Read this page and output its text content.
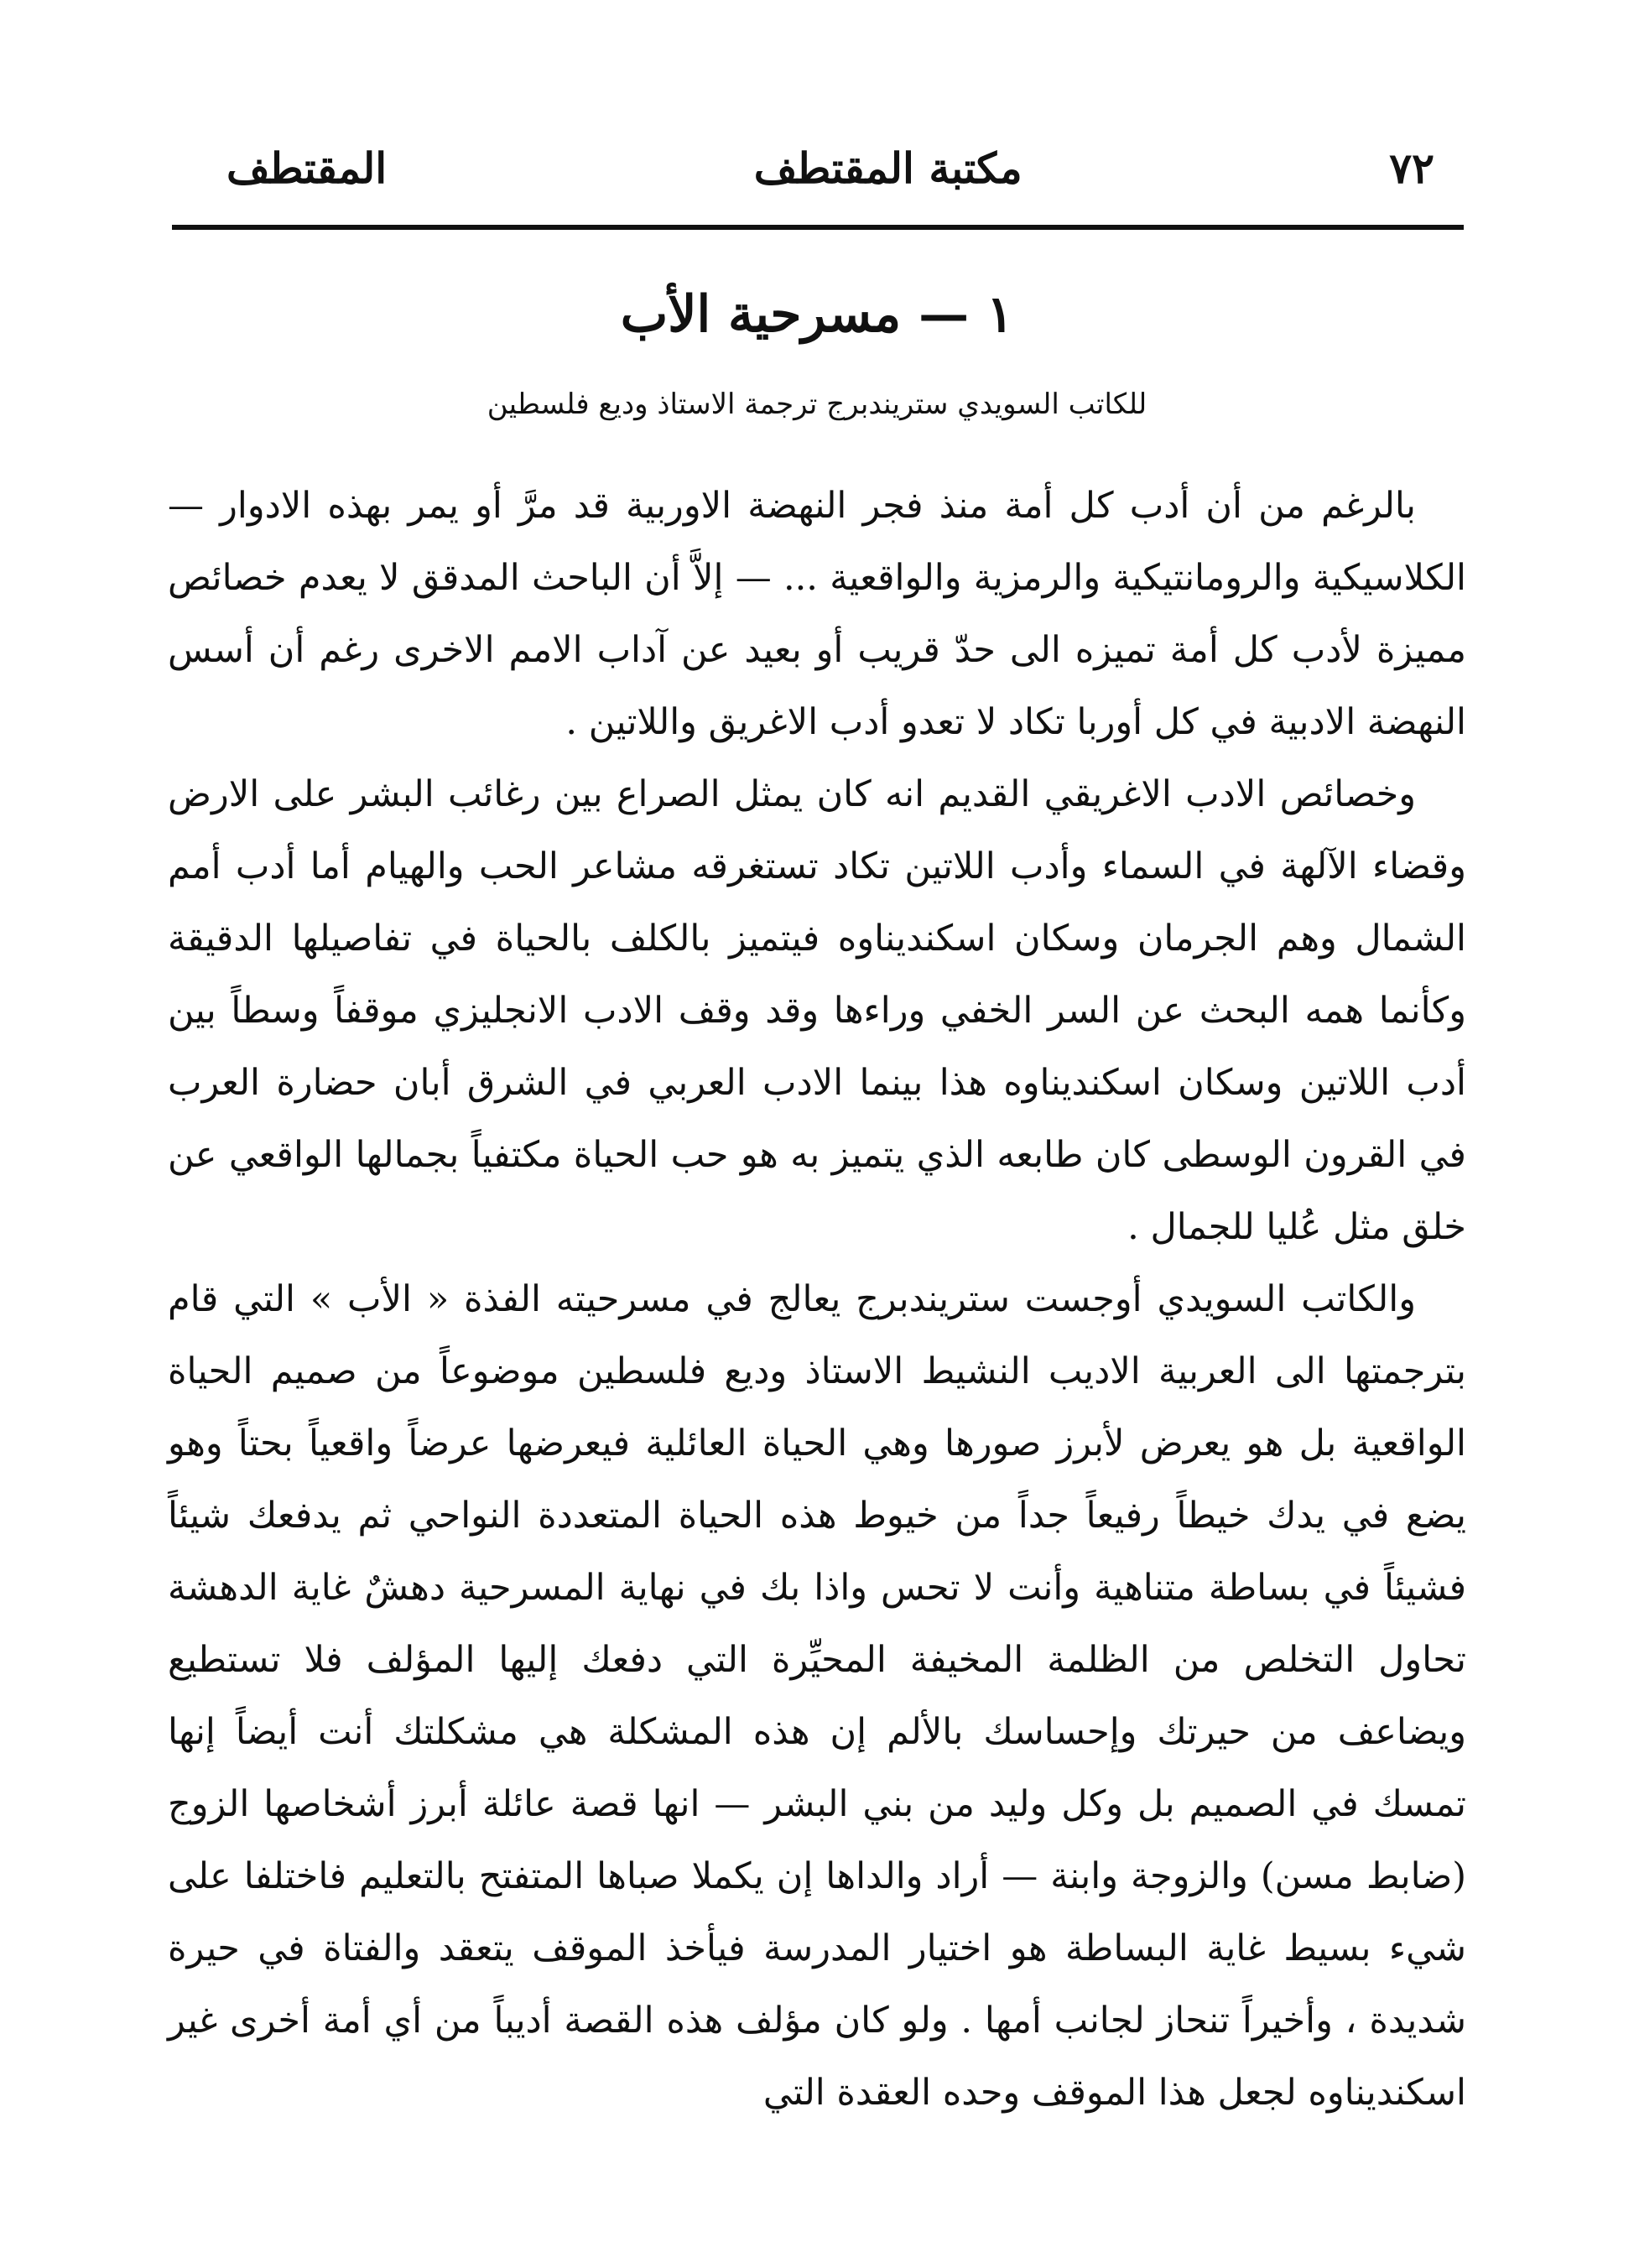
المقتطف	مكتبة المقتطف	٧٢
١ — مسرحية الأب
للكاتب السويدي ستريندبرج ترجمة الاستاذ وديع فلسطين

بالرغم من أن أدب كل أمة منذ فجر النهضة الاوربية قد مرَّ أو يمر بهذه الادوار — الكلاسيكية والرومانتيكية والرمزية والواقعية ... — إلاَّ أن الباحث المدقق لا يعدم خصائص مميزة لأدب كل أمة تميزه الى حدّ قريب أو بعيد عن آداب الامم الاخرى رغم أن أسس النهضة الادبية في كل أوربا تكاد لا تعدو أدب الاغريق واللاتين .

وخصائص الادب الاغريقي القديم انه كان يمثل الصراع بين رغائب البشر على الارض وقضاء الآلهة في السماء وأدب اللاتين تكاد تستغرقه مشاعر الحب والهيام أما أدب أمم الشمال وهم الجرمان وسكان اسكنديناوه فيتميز بالكلف بالحياة في تفاصيلها الدقيقة وكأنما همه البحث عن السر الخفي وراءها وقد وقف الادب الانجليزي موقفاً وسطاً بين أدب اللاتين وسكان اسكنديناوه هذا بينما الادب العربي في الشرق أبان حضارة العرب في القرون الوسطى كان طابعه الذي يتميز به هو حب الحياة مكتفياً بجمالها الواقعي عن خلق مثل عُليا للجمال .

والكاتب السويدي أوجست ستريندبرج يعالج في مسرحيته الفذة « الأب » التي قام بترجمتها الى العربية الاديب النشيط الاستاذ وديع فلسطين موضوعاً من صميم الحياة الواقعية بل هو يعرض لأبرز صورها وهي الحياة العائلية فيعرضها عرضاً واقعياً بحتاً وهو يضع في يدك خيطاً رفيعاً جداً من خيوط هذه الحياة المتعددة النواحي ثم يدفعك شيئاً فشيئاً في بساطة متناهية وأنت لا تحس واذا بك في نهاية المسرحية دهشٌ غاية الدهشة تحاول التخلص من الظلمة المخيفة المحيِّرة التي دفعك إليها المؤلف فلا تستطيع ويضاعف من حيرتك وإحساسك بالألم إن هذه المشكلة هي مشكلتك أنت أيضاً إنها تمسك في الصميم بل وكل وليد من بني البشر — انها قصة عائلة أبرز أشخاصها الزوج (ضابط مسن) والزوجة وابنة — أراد والداها إن يكملا صباها المتفتح بالتعليم فاختلفا على شيء بسيط غاية البساطة هو اختيار المدرسة فيأخذ الموقف يتعقد والفتاة في حيرة شديدة ، وأخيراً تنحاز لجانب أمها . ولو كان مؤلف هذه القصة أديباً من أي أمة أخرى غير اسكنديناوه لجعل هذا الموقف وحده العقدة التي
